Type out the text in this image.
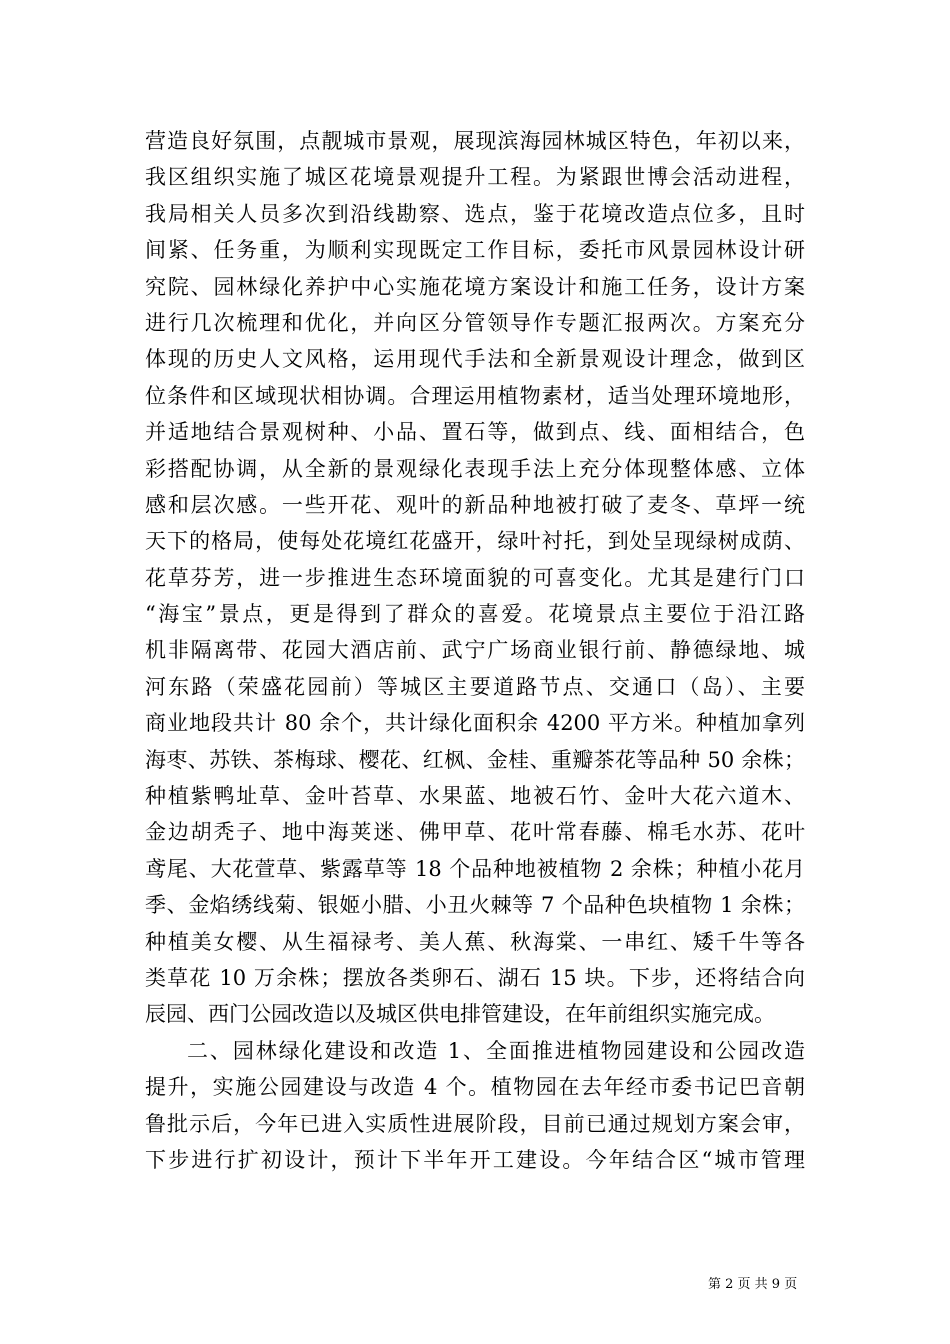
营造良好氛围，点靓城市景观，展现滨海园林城区特色，年初以来，
我区组织实施了城区花境景观提升工程。为紧跟世博会活动进程，
我局相关人员多次到沿线勘察、选点，鉴于花境改造点位多，且时
间紧、任务重，为顺利实现既定工作目标，委托市风景园林设计研
究院、园林绿化养护中心实施花境方案设计和施工任务，设计方案
进行几次梳理和优化，并向区分管领导作专题汇报两次。方案充分
体现的历史人文风格，运用现代手法和全新景观设计理念，做到区
位条件和区域现状相协调。合理运用植物素材，适当处理环境地形，
并适地结合景观树种、小品、置石等，做到点、线、面相结合，色
彩搭配协调，从全新的景观绿化表现手法上充分体现整体感、立体
感和层次感。一些开花、观叶的新品种地被打破了麦冬、草坪一统
天下的格局，使每处花境红花盛开，绿叶衬托，到处呈现绿树成荫、
花草芬芳，进一步推进生态环境面貌的可喜变化。尤其是建行门口
“海宝”景点，更是得到了群众的喜爱。花境景点主要位于沿江路
机非隔离带、花园大酒店前、武宁广场商业银行前、静德绿地、城
河东路（荣盛花园前）等城区主要道路节点、交通口（岛）、主要
商业地段共计 80 余个，共计绿化面积余 4200 平方米。种植加拿列
海枣、苏铁、茶梅球、樱花、红枫、金桂、重瓣茶花等品种 50 余株；
种植紫鸭址草、金叶苔草、水果蓝、地被石竹、金叶大花六道木、
金边胡秃子、地中海荚迷、佛甲草、花叶常春藤、棉毛水苏、花叶
鸢尾、大花萱草、紫露草等 18 个品种地被植物 2 余株；种植小花月
季、金焰绣线菊、银姬小腊、小丑火棘等 7 个品种色块植物 1 余株；
种植美女樱、从生福禄考、美人蕉、秋海棠、一串红、矮千牛等各
类草花 10 万余株；摆放各类卵石、湖石 15 块。下步，还将结合向
辰园、西门公园改造以及城区供电排管建设，在年前组织实施完成。
二、园林绿化建设和改造 1、全面推进植物园建设和公园改造
提升，实施公园建设与改造 4 个。植物园在去年经市委书记巴音朝
鲁批示后，今年已进入实质性进展阶段，目前已通过规划方案会审，
下步进行扩初设计，预计下半年开工建设。今年结合区“城市管理
第 2 页 共 9 页
